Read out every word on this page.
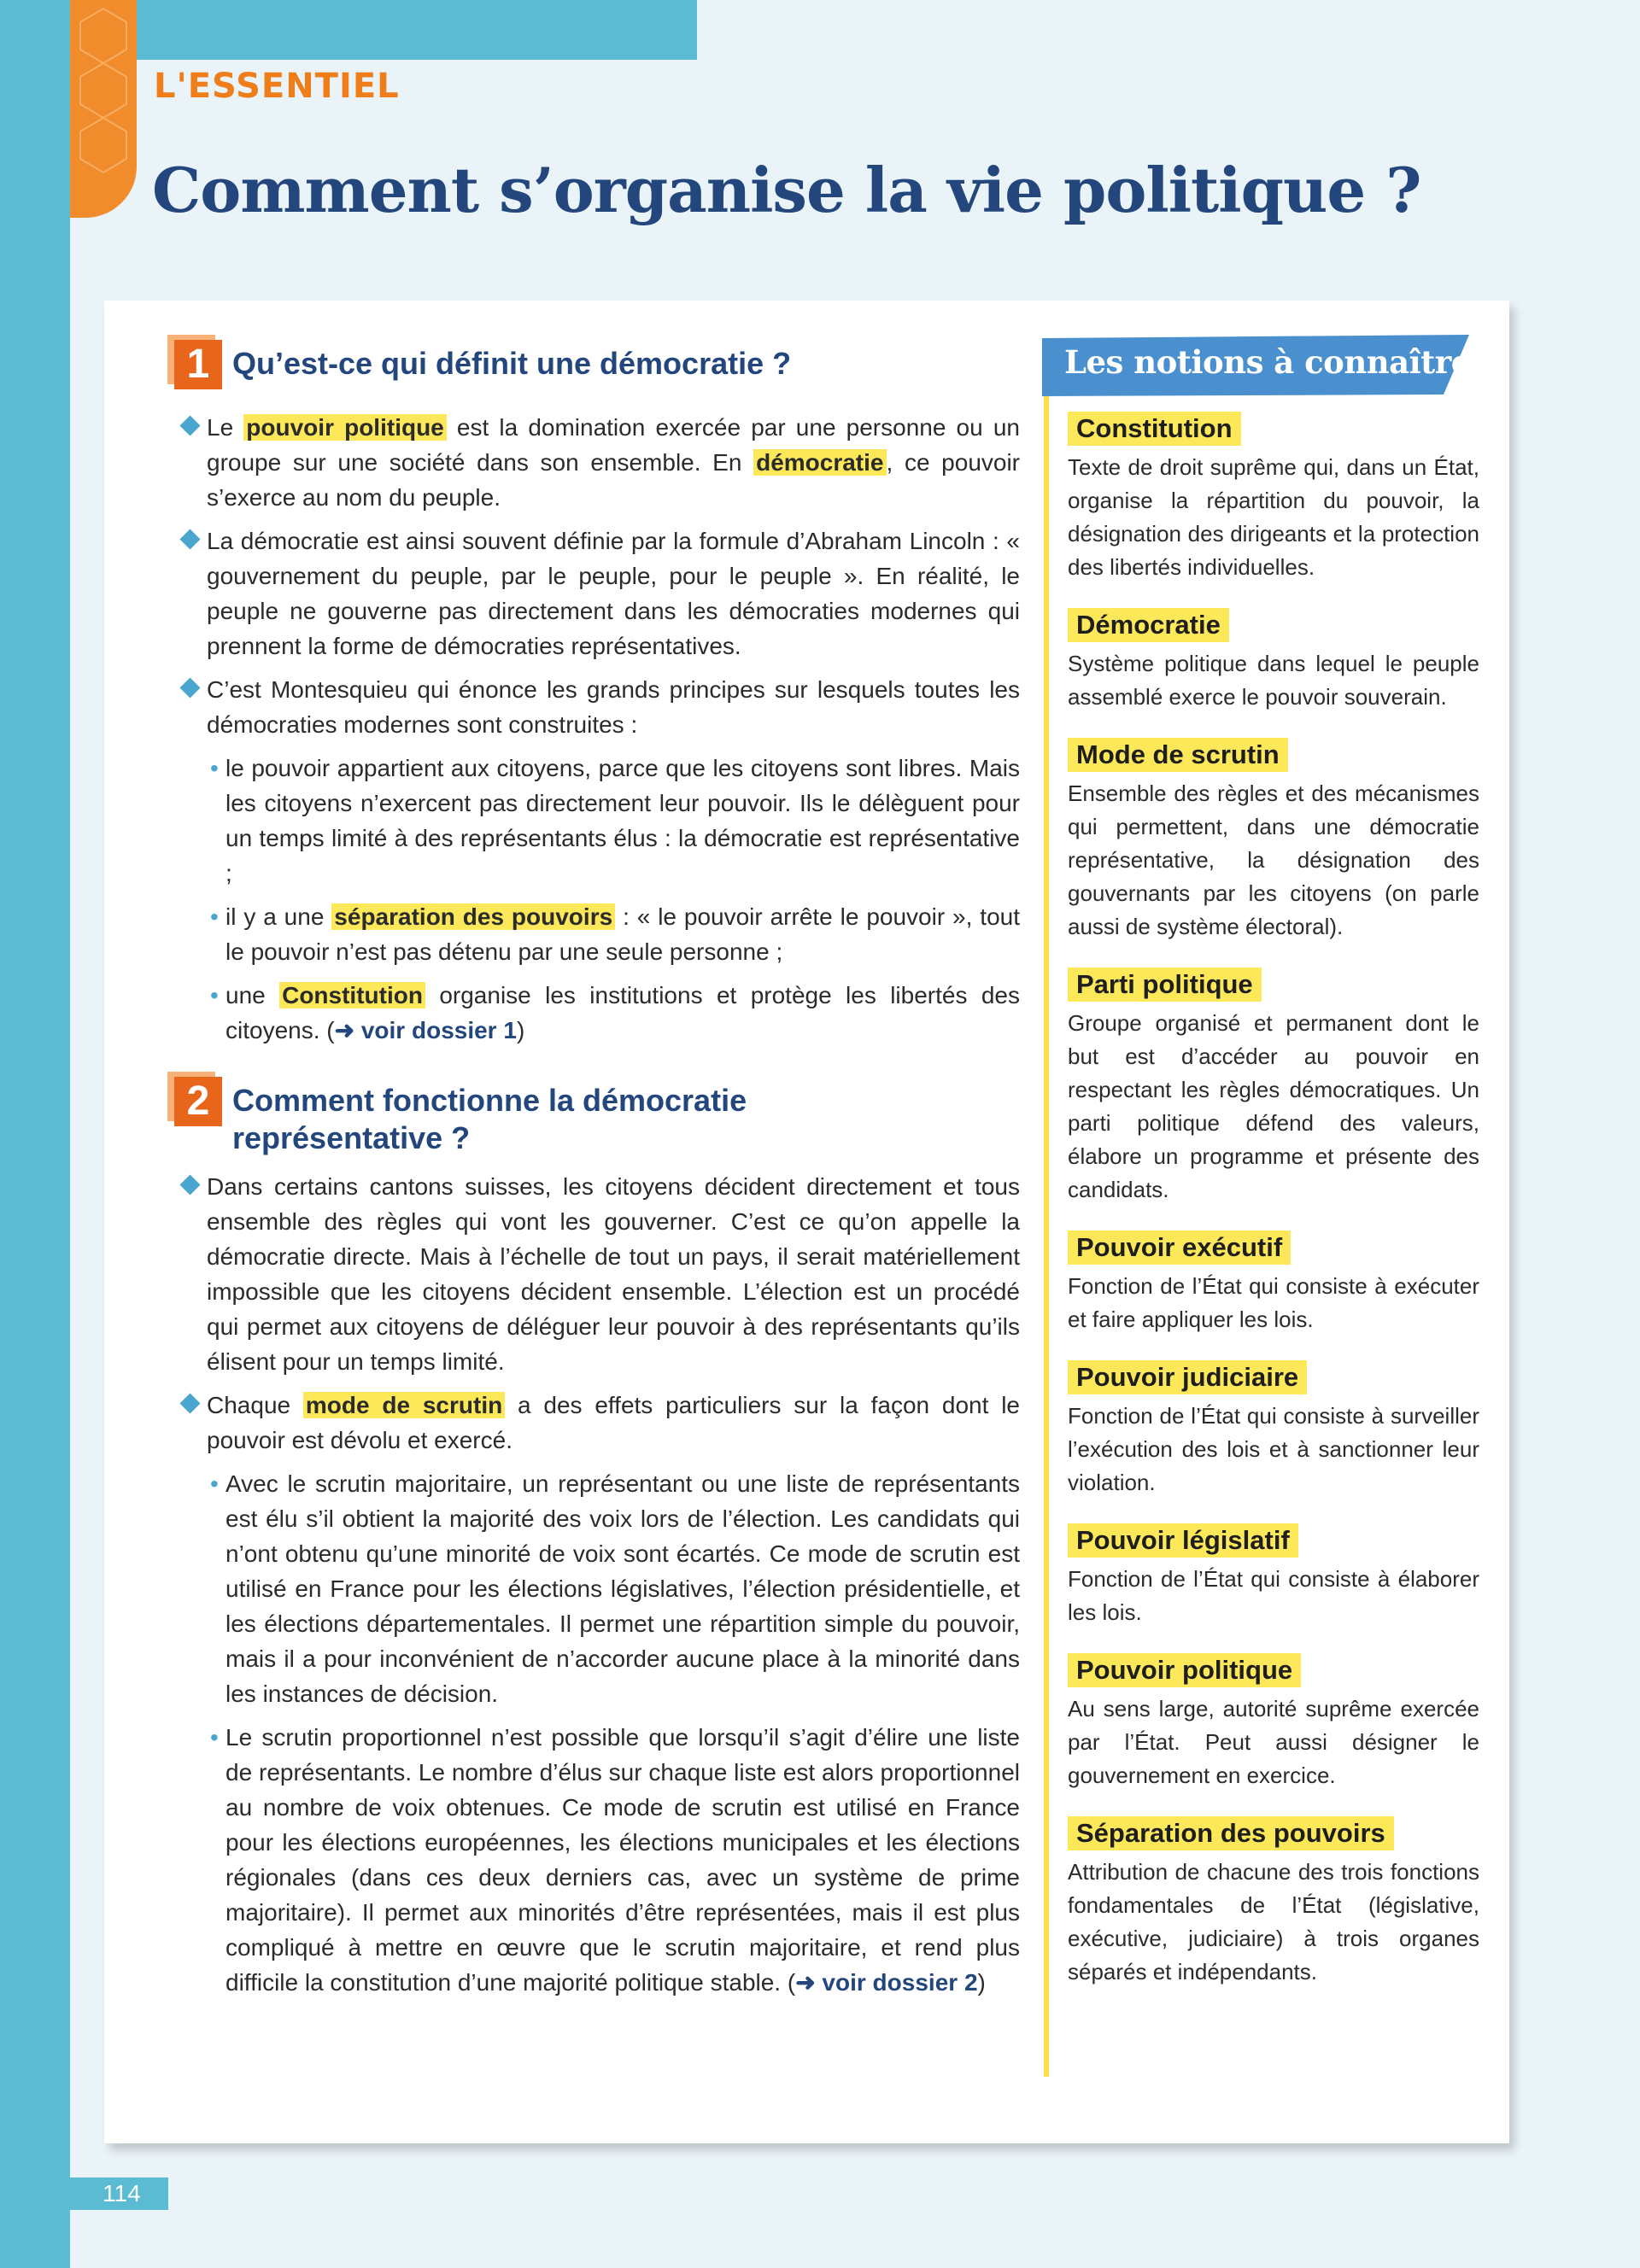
L'ESSENTIEL
Comment s’organise la vie politique ?
1 Qu’est-ce qui définit une démocratie ?

Le pouvoir politique est la domination exercée par une personne ou un groupe sur une société dans son ensemble. En démocratie , ce pouvoir s’exerce au nom du peuple.

La démocratie est ainsi souvent définie par la formule d’Abraham Lincoln : « gouvernement du peuple, par le peuple, pour le peuple ». En réalité, le peuple ne gouverne pas directement dans les démocraties modernes qui prennent la forme de démocraties représentatives.

C’est Montesquieu qui énonce les grands principes sur lesquels toutes les démocraties modernes sont construites :

• le pouvoir appartient aux citoyens, parce que les citoyens sont libres. Mais les citoyens n’exercent pas directement leur pouvoir. Ils le délèguent pour un temps limité à des représentants élus : la démocratie est représentative ;

• il y a une séparation des pouvoirs : « le pouvoir arrête le pouvoir », tout le pouvoir n’est pas détenu par une seule personne ;

• une Constitution organise les institutions et protège les libertés des citoyens. (➜ voir dossier 1)

2 Comment fonctionne la démocratie représentative ?

Dans certains cantons suisses, les citoyens décident directement et tous ensemble des règles qui vont les gouverner. C’est ce qu’on appelle la démocratie directe. Mais à l’échelle de tout un pays, il serait matériellement impossible que les citoyens décident ensemble. L’élection est un procédé qui permet aux citoyens de déléguer leur pouvoir à des représentants qu’ils élisent pour un temps limité.

Chaque mode de scrutin a des effets particuliers sur la façon dont le pouvoir est dévolu et exercé.

• Avec le scrutin majoritaire, un représentant ou une liste de représentants est élu s’il obtient la majorité des voix lors de l’élection. Les candidats qui n’ont obtenu qu’une minorité de voix sont écartés. Ce mode de scrutin est utilisé en France pour les élections législatives, l’élection présidentielle, et les élections départementales. Il permet une répartition simple du pouvoir, mais il a pour inconvénient de n’accorder aucune place à la minorité dans les instances de décision.

• Le scrutin proportionnel n’est possible que lorsqu’il s’agit d’élire une liste de représentants. Le nombre d’élus sur chaque liste est alors proportionnel au nombre de voix obtenues. Ce mode de scrutin est utilisé en France pour les élections européennes, les élections municipales et les élections régionales (dans ces deux derniers cas, avec un système de prime majoritaire). Il permet aux minorités d’être représentées, mais il est plus compliqué à mettre en œuvre que le scrutin majoritaire, et rend plus difficile la constitution d’une majorité politique stable. (➜ voir dossier 2)

Les notions à connaître
Constitution

Texte de droit suprême qui, dans un État, organise la répartition du pouvoir, la désignation des dirigeants et la protection des libertés individuelles.

Démocratie

Système politique dans lequel le peuple assemblé exerce le pouvoir souverain.

Mode de scrutin

Ensemble des règles et des mécanismes qui permettent, dans une démocratie représentative, la désignation des gouvernants par les citoyens (on parle aussi de système électoral).

Parti politique

Groupe organisé et permanent dont le but est d’accéder au pouvoir en respectant les règles démocratiques. Un parti politique défend des valeurs, élabore un programme et présente des candidats.

Pouvoir exécutif

Fonction de l’État qui consiste à exécuter et faire appliquer les lois.

Pouvoir judiciaire

Fonction de l’État qui consiste à surveiller l’exécution des lois et à sanctionner leur violation.

Pouvoir législatif

Fonction de l’État qui consiste à élaborer les lois.

Pouvoir politique

Au sens large, autorité suprême exercée par l’État. Peut aussi désigner le gouvernement en exercice.

Séparation des pouvoirs

Attribution de chacune des trois fonctions fondamentales de l’État (législative, exécutive, judiciaire) à trois organes séparés et indépendants.

114
